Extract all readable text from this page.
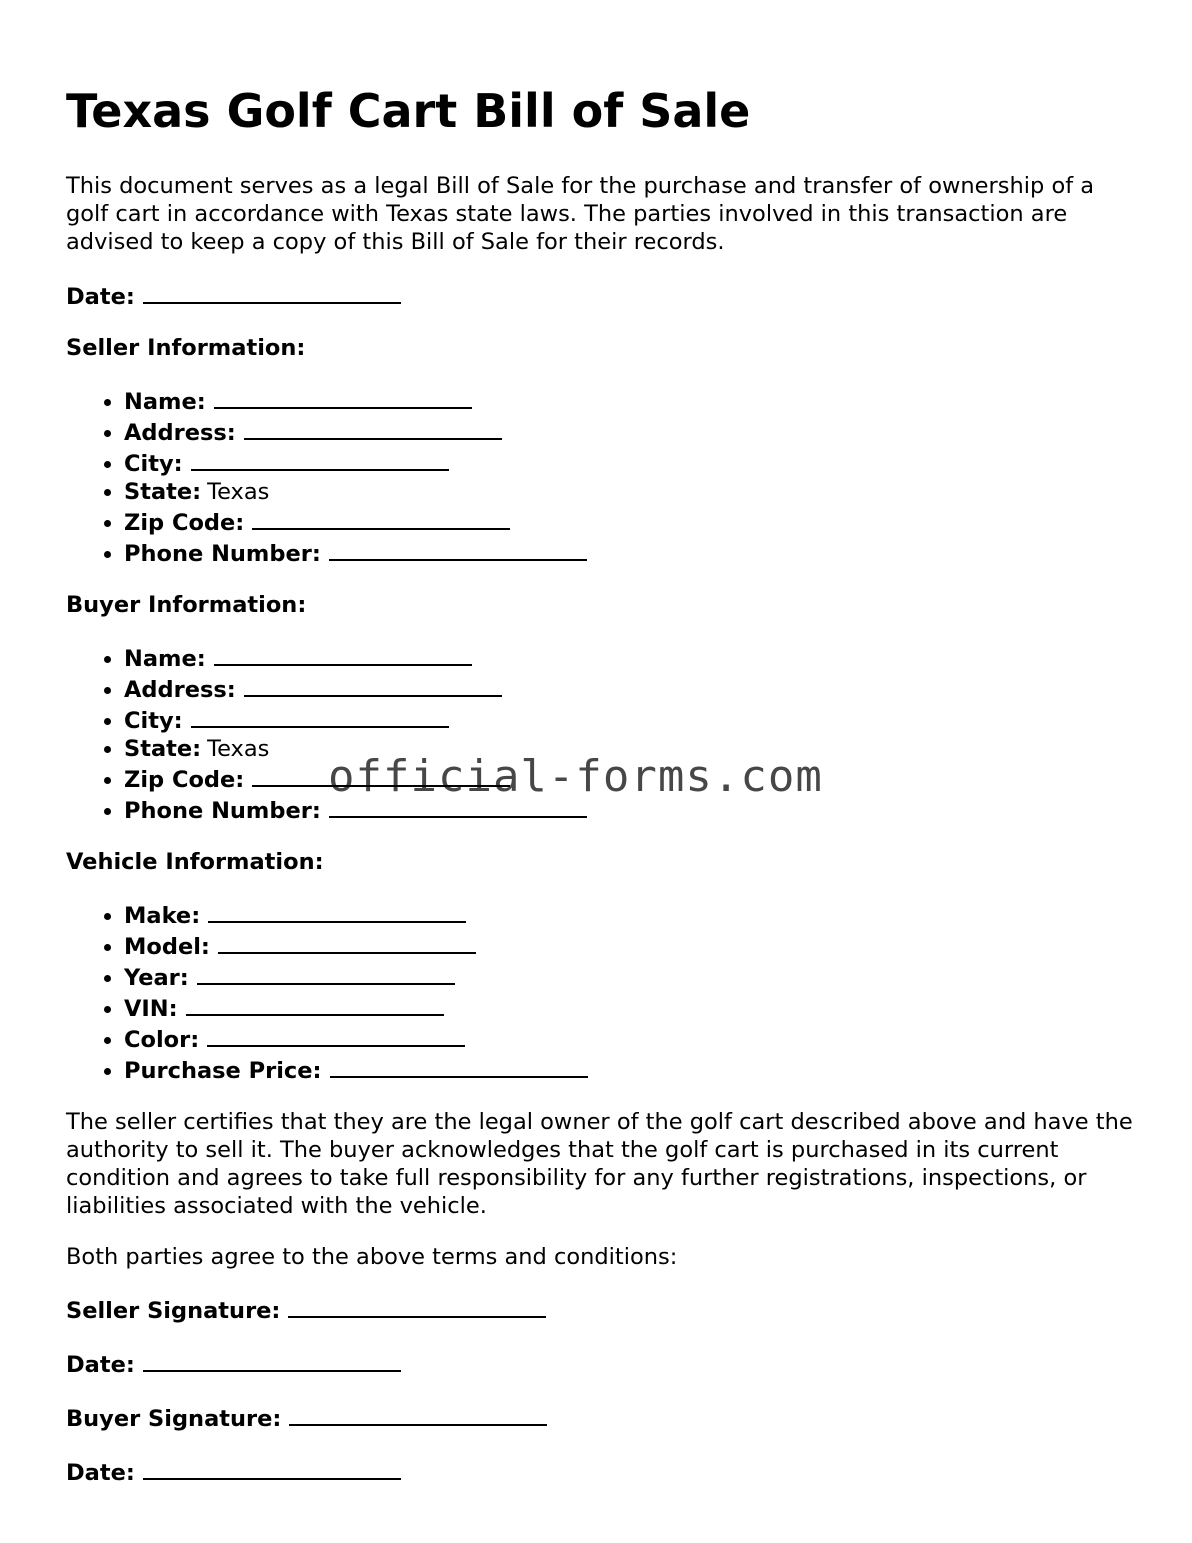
Texas Golf Cart Bill of Sale

This document serves as a legal Bill of Sale for the purchase and transfer of ownership of a golf cart in accordance with Texas state laws. The parties involved in this transaction are advised to keep a copy of this Bill of Sale for their records.

Date:
Seller Information:
• Name:
• Address:
• City:
• State: Texas
• Zip Code:
• Phone Number:
Buyer Information:
• Name:
• Address:
• City:
• State: Texas
• Zip Code:
• Phone Number:
Vehicle Information:
• Make:
• Model:
• Year:
• VIN:
• Color:
• Purchase Price:

The seller certifies that they are the legal owner of the golf cart described above and have the authority to sell it. The buyer acknowledges that the golf cart is purchased in its current condition and agrees to take full responsibility for any further registrations, inspections, or liabilities associated with the vehicle.

Both parties agree to the above terms and conditions:

Seller Signature:
Date:
Buyer Signature:
Date:
official-forms.com
